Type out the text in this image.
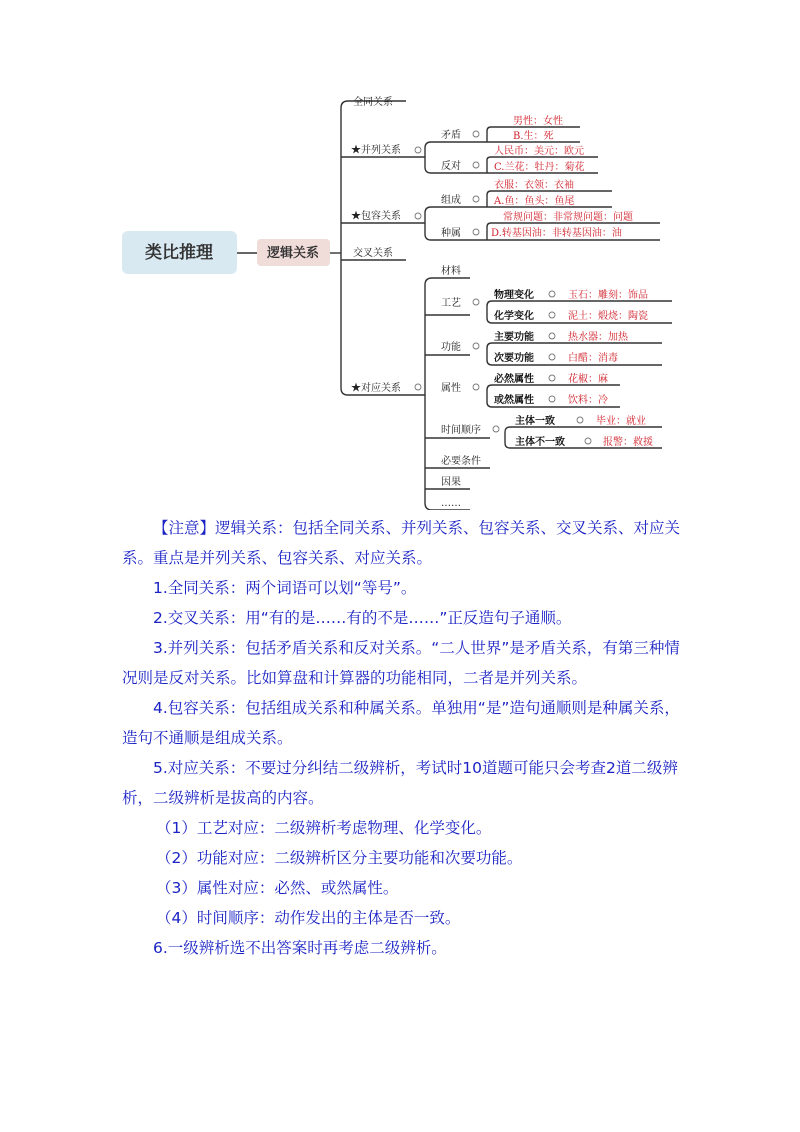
类比推理	逻辑关系
全同关系
★并列关系
★包容关系
交叉关系
★对应关系
矛盾
反对
男性：女性
B.生：死
人民币：美元：欧元
C.兰花：牡丹：菊花
组成
种属
衣服：衣领：衣袖
A.鱼：鱼头：鱼尾
常规问题：非常规问题：问题
D.转基因油：非转基因油：油
材料
工艺
功能
属性
时间顺序
必要条件
因果
……
物理变化	玉石：雕刻：饰品
化学变化	泥土：煅烧：陶瓷
主要功能	热水器：加热
次要功能	白醋：消毒
必然属性	花椒：麻
或然属性	饮料：冷
主体一致	毕业：就业
主体不一致	报警：救援

【注意】逻辑关系：包括全同关系、并列关系、包容关系、交叉关系、对应关系。重点是并列关系、包容关系、对应关系。

1.全同关系：两个词语可以划“等号”。

2.交叉关系：用“有的是……有的不是……”正反造句子通顺。

3.并列关系：包括矛盾关系和反对关系。“二人世界”是矛盾关系，有第三种情况则是反对关系。比如算盘和计算器的功能相同，二者是并列关系。

4.包容关系：包括组成关系和种属关系。单独用“是”造句通顺则是种属关系，造句不通顺是组成关系。

5.对应关系：不要过分纠结二级辨析，考试时10道题可能只会考查2道二级辨析，二级辨析是拔高的内容。

（1）工艺对应：二级辨析考虑物理、化学变化。

（2）功能对应：二级辨析区分主要功能和次要功能。

（3）属性对应：必然、或然属性。

（4）时间顺序：动作发出的主体是否一致。

6.一级辨析选不出答案时再考虑二级辨析。
